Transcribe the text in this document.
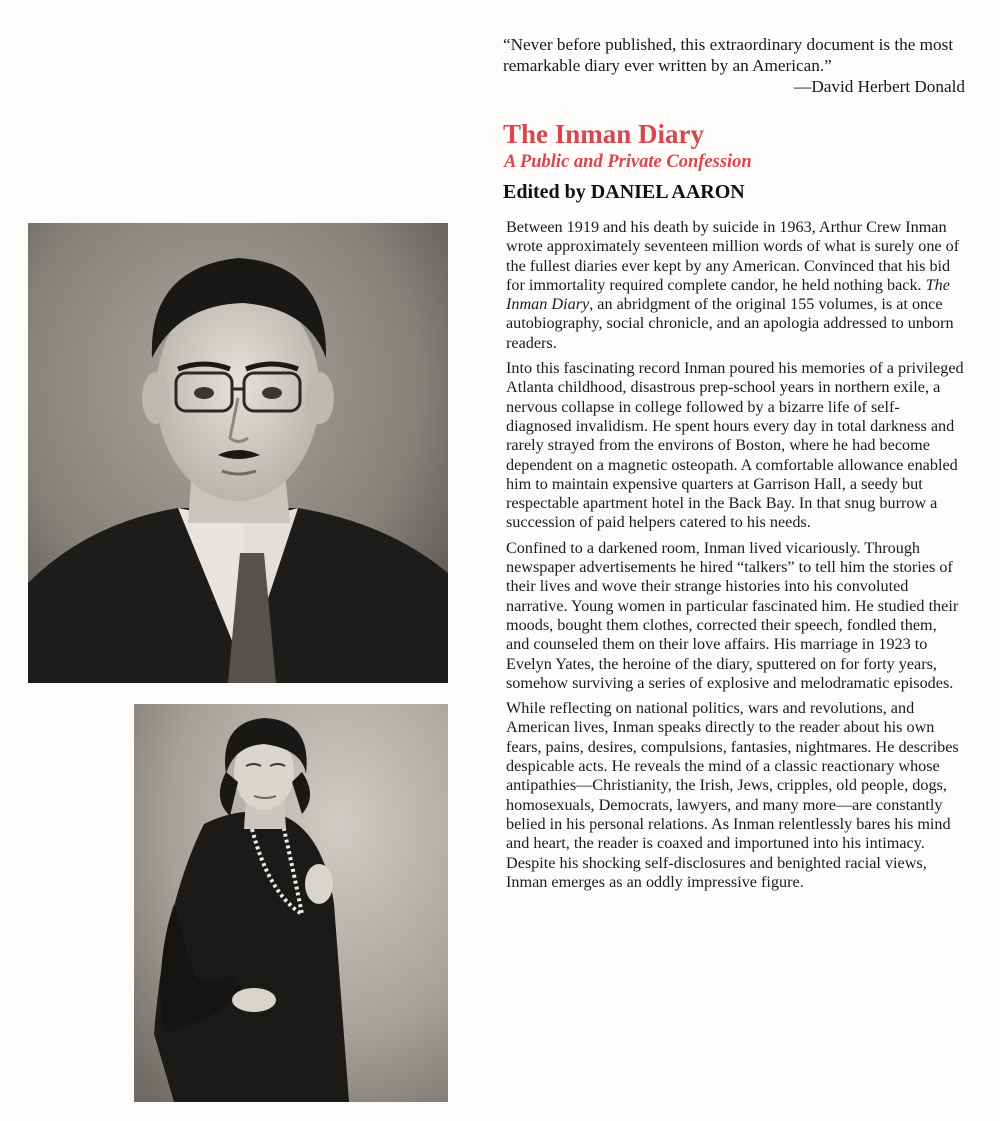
“Never before published, this extraordinary document is the most remarkable diary ever written by an American.”
—David Herbert Donald
The Inman Diary
A Public and Private Confession
Edited by DANIEL AARON

Between 1919 and his death by suicide in 1963, Arthur Crew Inman wrote approximately seventeen million words of what is surely one of the fullest diaries ever kept by any American. Convinced that his bid for immortality required complete candor, he held nothing back. The Inman Diary, an abridgment of the original 155 volumes, is at once autobiography, social chronicle, and an apologia addressed to unborn readers.

Into this fascinating record Inman poured his memories of a privileged Atlanta childhood, disastrous prep-school years in northern exile, a nervous collapse in college followed by a bizarre life of self-diagnosed invalidism. He spent hours every day in total darkness and rarely strayed from the environs of Boston, where he had become dependent on a magnetic osteopath. A comfortable allowance enabled him to maintain expensive quarters at Garrison Hall, a seedy but respectable apartment hotel in the Back Bay. In that snug burrow a succession of paid helpers catered to his needs.

Confined to a darkened room, Inman lived vicariously. Through newspaper advertisements he hired “talkers” to tell him the stories of their lives and wove their strange histories into his convoluted narrative. Young women in particular fascinated him. He studied their moods, bought them clothes, corrected their speech, fondled them, and counseled them on their love affairs. His marriage in 1923 to Evelyn Yates, the heroine of the diary, sputtered on for forty years, somehow surviving a series of explosive and melodramatic episodes.

While reflecting on national politics, wars and revolutions, and American lives, Inman speaks directly to the reader about his own fears, pains, desires, compulsions, fantasies, nightmares. He describes despicable acts. He reveals the mind of a classic reactionary whose antipathies—Christianity, the Irish, Jews, cripples, old people, dogs, homosexuals, Democrats, lawyers, and many more—are constantly belied in his personal relations. As Inman relentlessly bares his mind and heart, the reader is coaxed and importuned into his intimacy. Despite his shocking self-disclosures and benighted racial views, Inman emerges as an oddly impressive figure.
